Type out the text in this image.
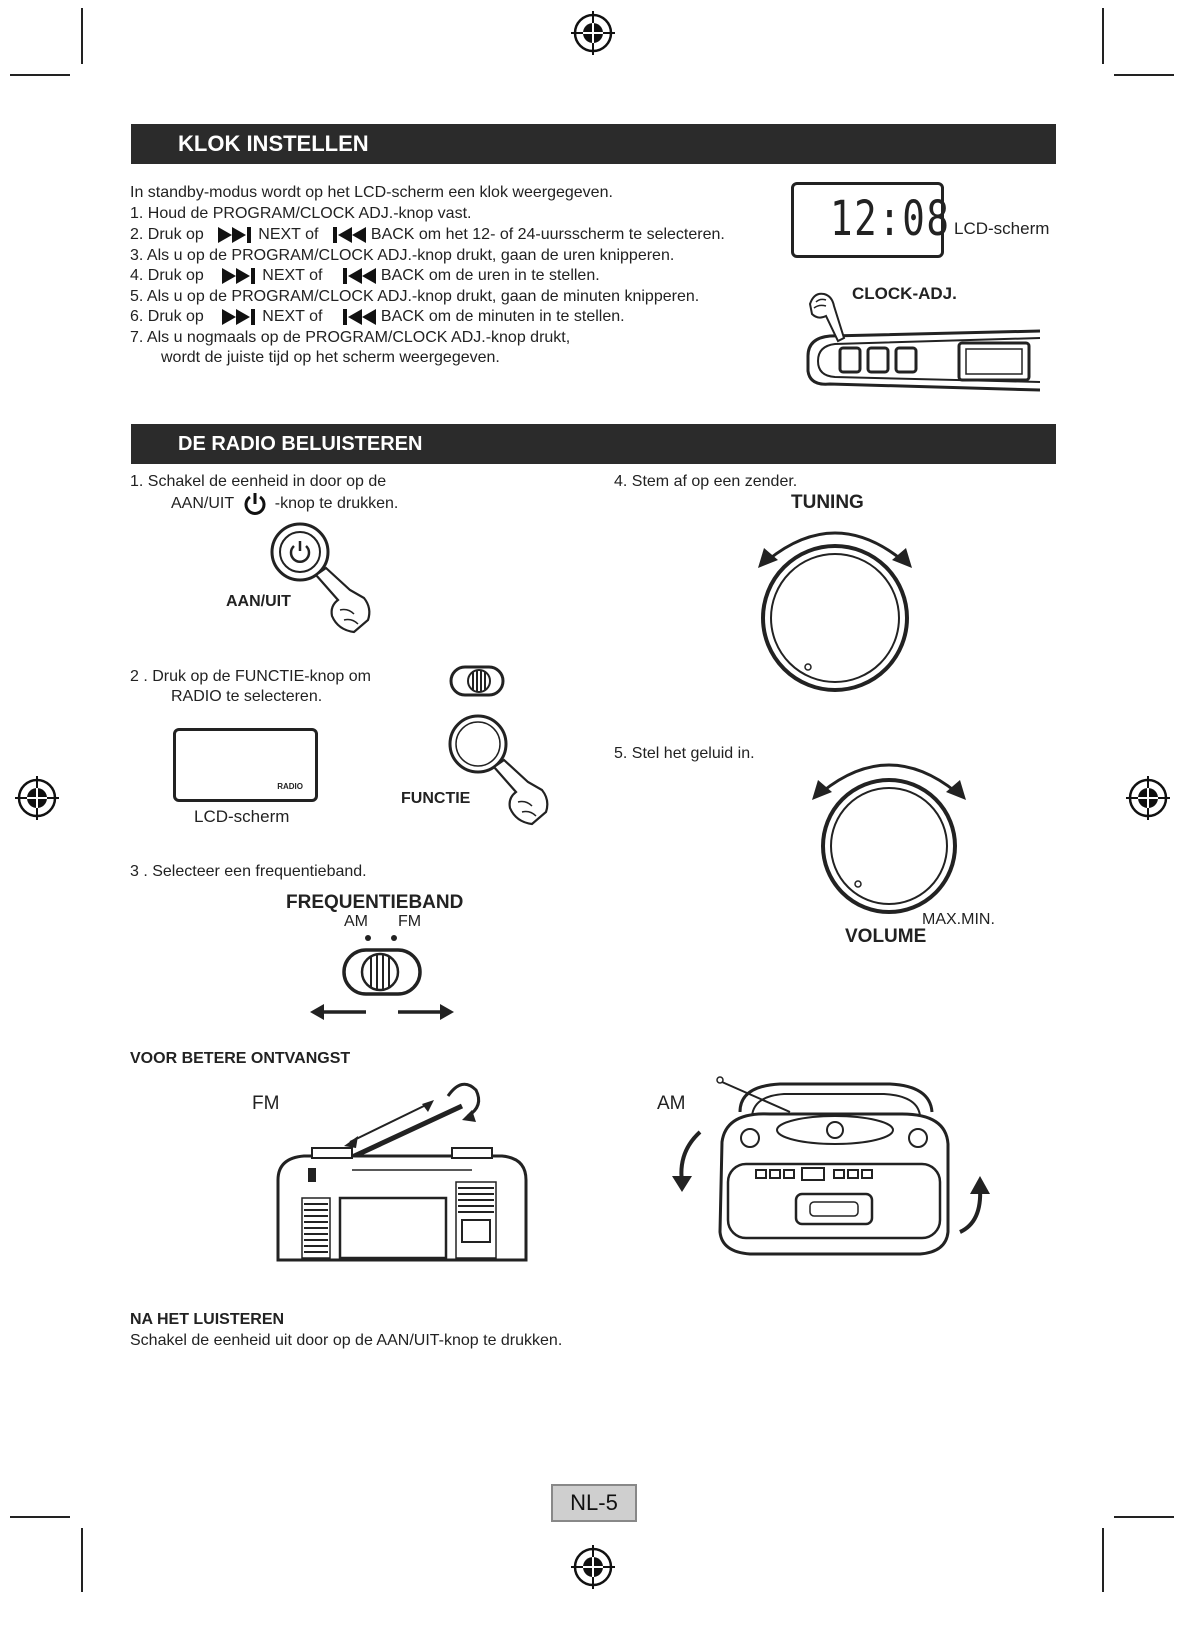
KLOK INSTELLEN
In standby-modus wordt op het LCD-scherm een klok weergegeven.
1. Houd de PROGRAM/CLOCK ADJ.-knop vast.
2. Druk op	NEXT of	BACK om het 12- of 24-uursscherm te selecteren.
3. Als u op de PROGRAM/CLOCK ADJ.-knop drukt, gaan de uren knipperen.
4. Druk op	NEXT of	BACK om de uren in te stellen.
5. Als u op de PROGRAM/CLOCK ADJ.-knop drukt, gaan de minuten knipperen.
6. Druk op	NEXT of	BACK om de minuten in te stellen.
7. Als u nogmaals op de PROGRAM/CLOCK ADJ.-knop drukt,
wordt de juiste tijd op het scherm weergegeven.
12:08 LCD-scherm
CLOCK-ADJ.
DE RADIO BELUISTEREN
1. Schakel de eenheid in door op de
AAN/UIT	-knop te drukken.
AAN/UIT
2 . Druk op de FUNCTIE-knop om
RADIO te selecteren.
RADIO
LCD-scherm
FUNCTIE
3 . Selecteer een frequentieband.
FREQUENTIEBAND
AM FM
4. Stem af op een zender.
TUNING
5. Stel het geluid in.
MAX.MIN.
VOLUME
VOOR BETERE ONTVANGST
FM	AM
NA HET LUISTEREN
Schakel de eenheid uit door op de AAN/UIT-knop te drukken.
NL-5
